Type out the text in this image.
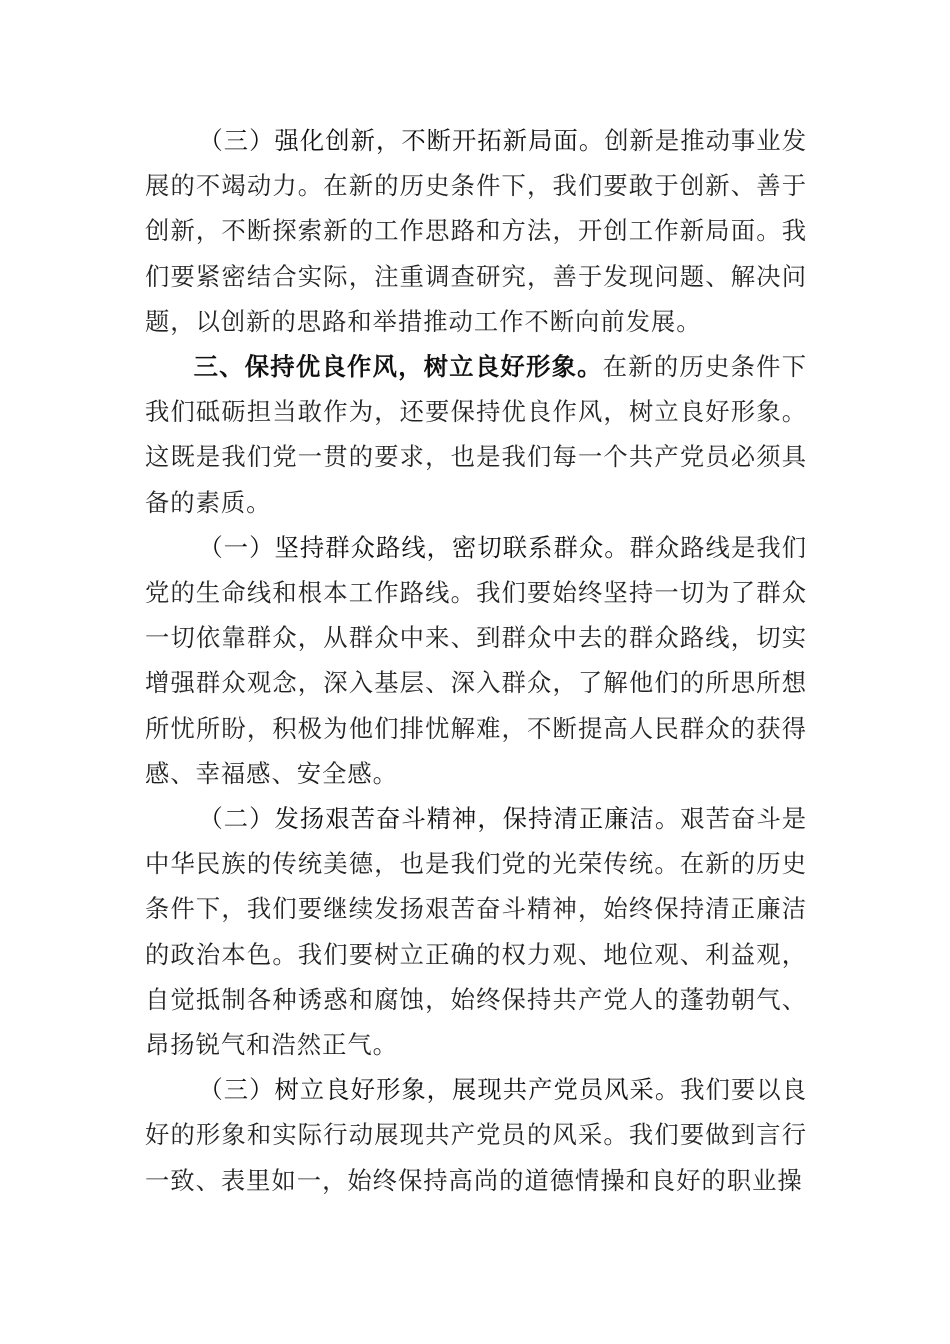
（三）强化创新，不断开拓新局面。创新是推动事业发展的不竭动力。在新的历史条件下，我们要敢于创新、善于创新，不断探索新的工作思路和方法，开创工作新局面。我们要紧密结合实际，注重调查研究，善于发现问题、解决问题，以创新的思路和举措推动工作不断向前发展。

三、保持优良作风，树立良好形象。在新的历史条件下我们砥砺担当敢作为，还要保持优良作风，树立良好形象。这既是我们党一贯的要求，也是我们每一个共产党员必须具备的素质。

（一）坚持群众路线，密切联系群众。群众路线是我们党的生命线和根本工作路线。我们要始终坚持一切为了群众一切依靠群众，从群众中来、到群众中去的群众路线，切实增强群众观念，深入基层、深入群众，了解他们的所思所想所忧所盼，积极为他们排忧解难，不断提高人民群众的获得感、幸福感、安全感。

（二）发扬艰苦奋斗精神，保持清正廉洁。艰苦奋斗是中华民族的传统美德，也是我们党的光荣传统。在新的历史条件下，我们要继续发扬艰苦奋斗精神，始终保持清正廉洁的政治本色。我们要树立正确的权力观、地位观、利益观，自觉抵制各种诱惑和腐蚀，始终保持共产党人的蓬勃朝气、昂扬锐气和浩然正气。

（三）树立良好形象，展现共产党员风采。我们要以良好的形象和实际行动展现共产党员的风采。我们要做到言行一致、表里如一，始终保持高尚的道德情操和良好的职业操
